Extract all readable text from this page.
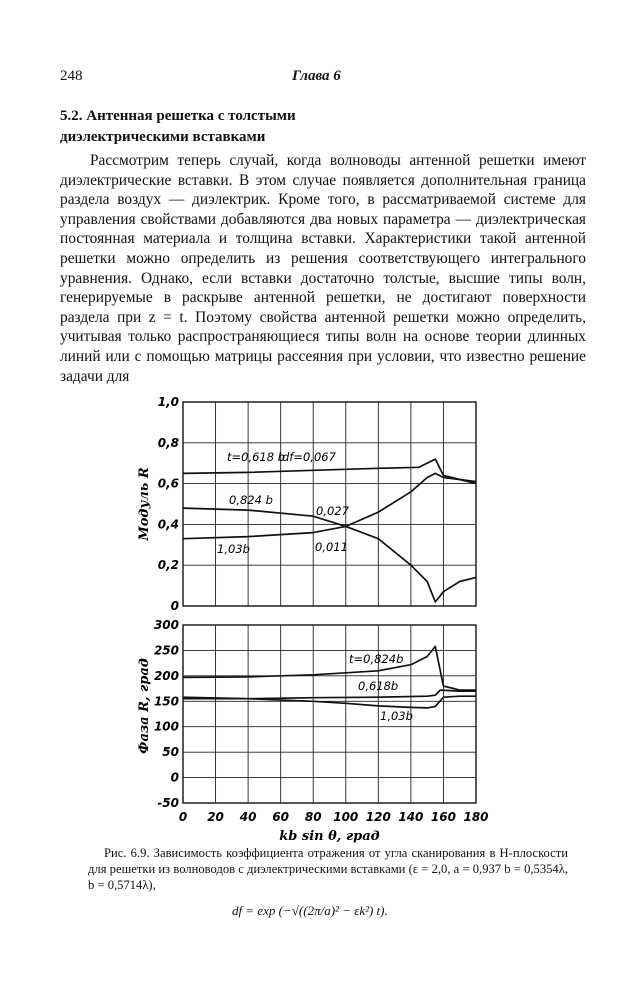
248	Глава 6
5.2. Антенная решетка с толстыми
диэлектрическими вставками

Рассмотрим теперь случай, когда волноводы антенной решетки имеют диэлектрические вставки. В этом случае появляется дополнительная граница раздела воздух — диэлектрик. Кроме того, в рассматриваемой системе для управления свойствами добавляются два новых параметра — диэлектрическая постоянная материала и толщина вставки. Характеристики такой антенной решетки можно определить из решения соответствующего интегрального уравнения. Однако, если вставки достаточно толстые, высшие типы волн, генерируемые в раскрыве антенной решетки, не достигают поверхности раздела при z = t. Поэтому свойства антенной решетки можно определить, учитывая только распространяющиеся типы волн на основе теории длинных линий или с помощью матрицы рассеяния при условии, что известно решение задачи для

0
0,2
0,4
0,6
0,8
1,0
Модуль R
t=0,618 b
df=0,067
0,824 b
0,027
1,03b	0,011
-50
0
50
100
150
200
250
300
0 20 40 60 80 100 120 140 160 180
kb sin θ, град
Фаза R, град	t=0,824b
0,618b
1,03b

Рис. 6.9. Зависимость коэффициента отражения от угла сканирования в H-плоскости для решетки из волноводов с диэлектрическими вставками (ε = 2,0, a = 0,937 b = 0,5354λ, b = 0,5714λ),

df = exp (−√((2π/a)² − εk²) t).
